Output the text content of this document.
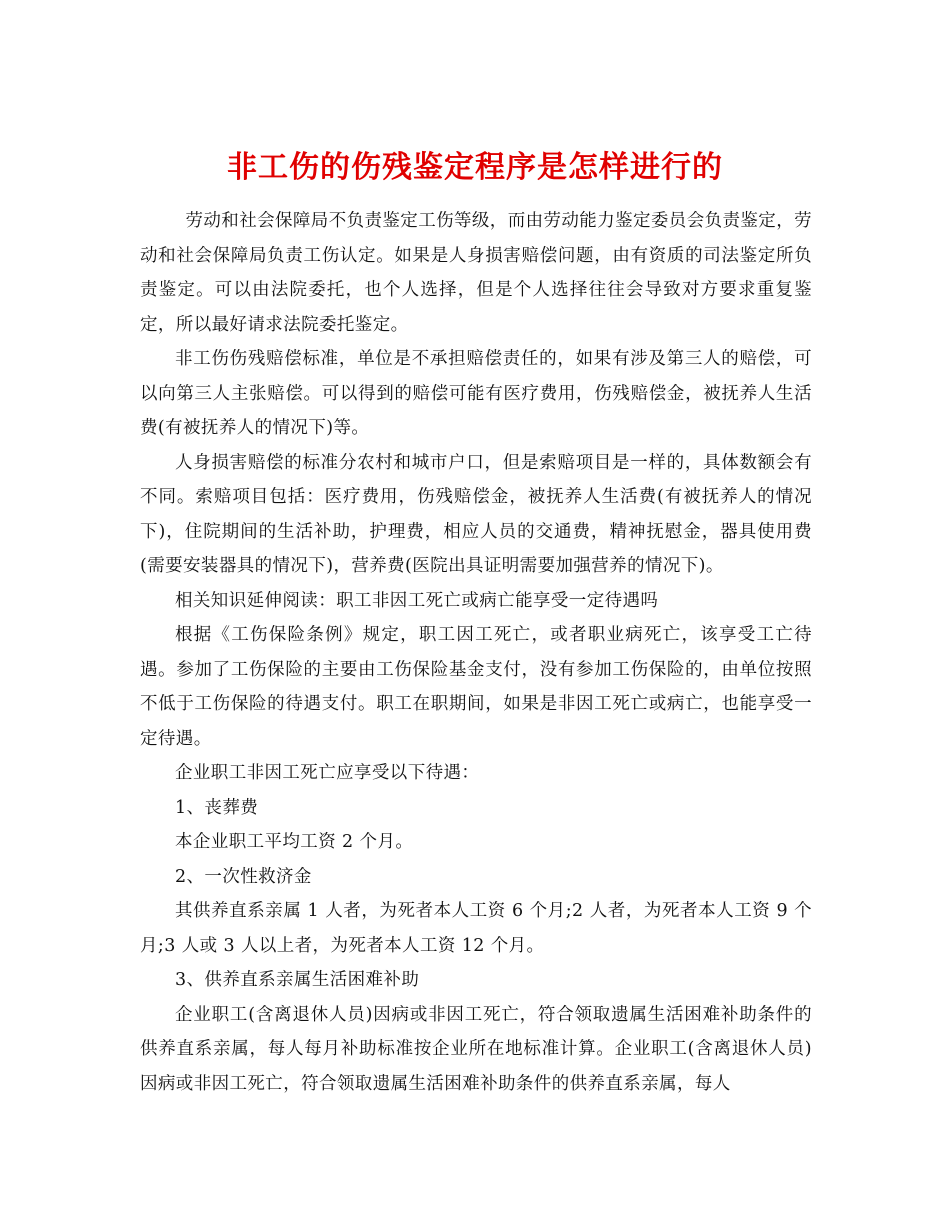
非工伤的伤残鉴定程序是怎样进行的

劳动和社会保障局不负责鉴定工伤等级，而由劳动能力鉴定委员会负责鉴定，劳动和社会保障局负责工伤认定。如果是人身损害赔偿问题，由有资质的司法鉴定所负责鉴定。可以由法院委托，也个人选择，但是个人选择往往会导致对方要求重复鉴定，所以最好请求法院委托鉴定。

非工伤伤残赔偿标准，单位是不承担赔偿责任的，如果有涉及第三人的赔偿，可以向第三人主张赔偿。可以得到的赔偿可能有医疗费用，伤残赔偿金，被抚养人生活费(有被抚养人的情况下)等。

人身损害赔偿的标准分农村和城市户口，但是索赔项目是一样的，具体数额会有不同。索赔项目包括：医疗费用，伤残赔偿金，被抚养人生活费(有被抚养人的情况下)，住院期间的生活补助，护理费，相应人员的交通费，精神抚慰金，器具使用费(需要安装器具的情况下)，营养费(医院出具证明需要加强营养的情况下)。

相关知识延伸阅读：职工非因工死亡或病亡能享受一定待遇吗

根据《工伤保险条例》规定，职工因工死亡，或者职业病死亡，该享受工亡待遇。参加了工伤保险的主要由工伤保险基金支付，没有参加工伤保险的，由单位按照不低于工伤保险的待遇支付。职工在职期间，如果是非因工死亡或病亡，也能享受一定待遇。

企业职工非因工死亡应享受以下待遇：

1、丧葬费

本企业职工平均工资 2 个月。

2、一次性救济金

其供养直系亲属 1 人者，为死者本人工资 6 个月;2 人者，为死者本人工资 9 个月;3 人或 3 人以上者，为死者本人工资 12 个月。

3、供养直系亲属生活困难补助

企业职工(含离退休人员)因病或非因工死亡，符合领取遗属生活困难补助条件的供养直系亲属，每人每月补助标准按企业所在地标准计算。企业职工(含离退休人员)因病或非因工死亡，符合领取遗属生活困难补助条件的供养直系亲属，每人
